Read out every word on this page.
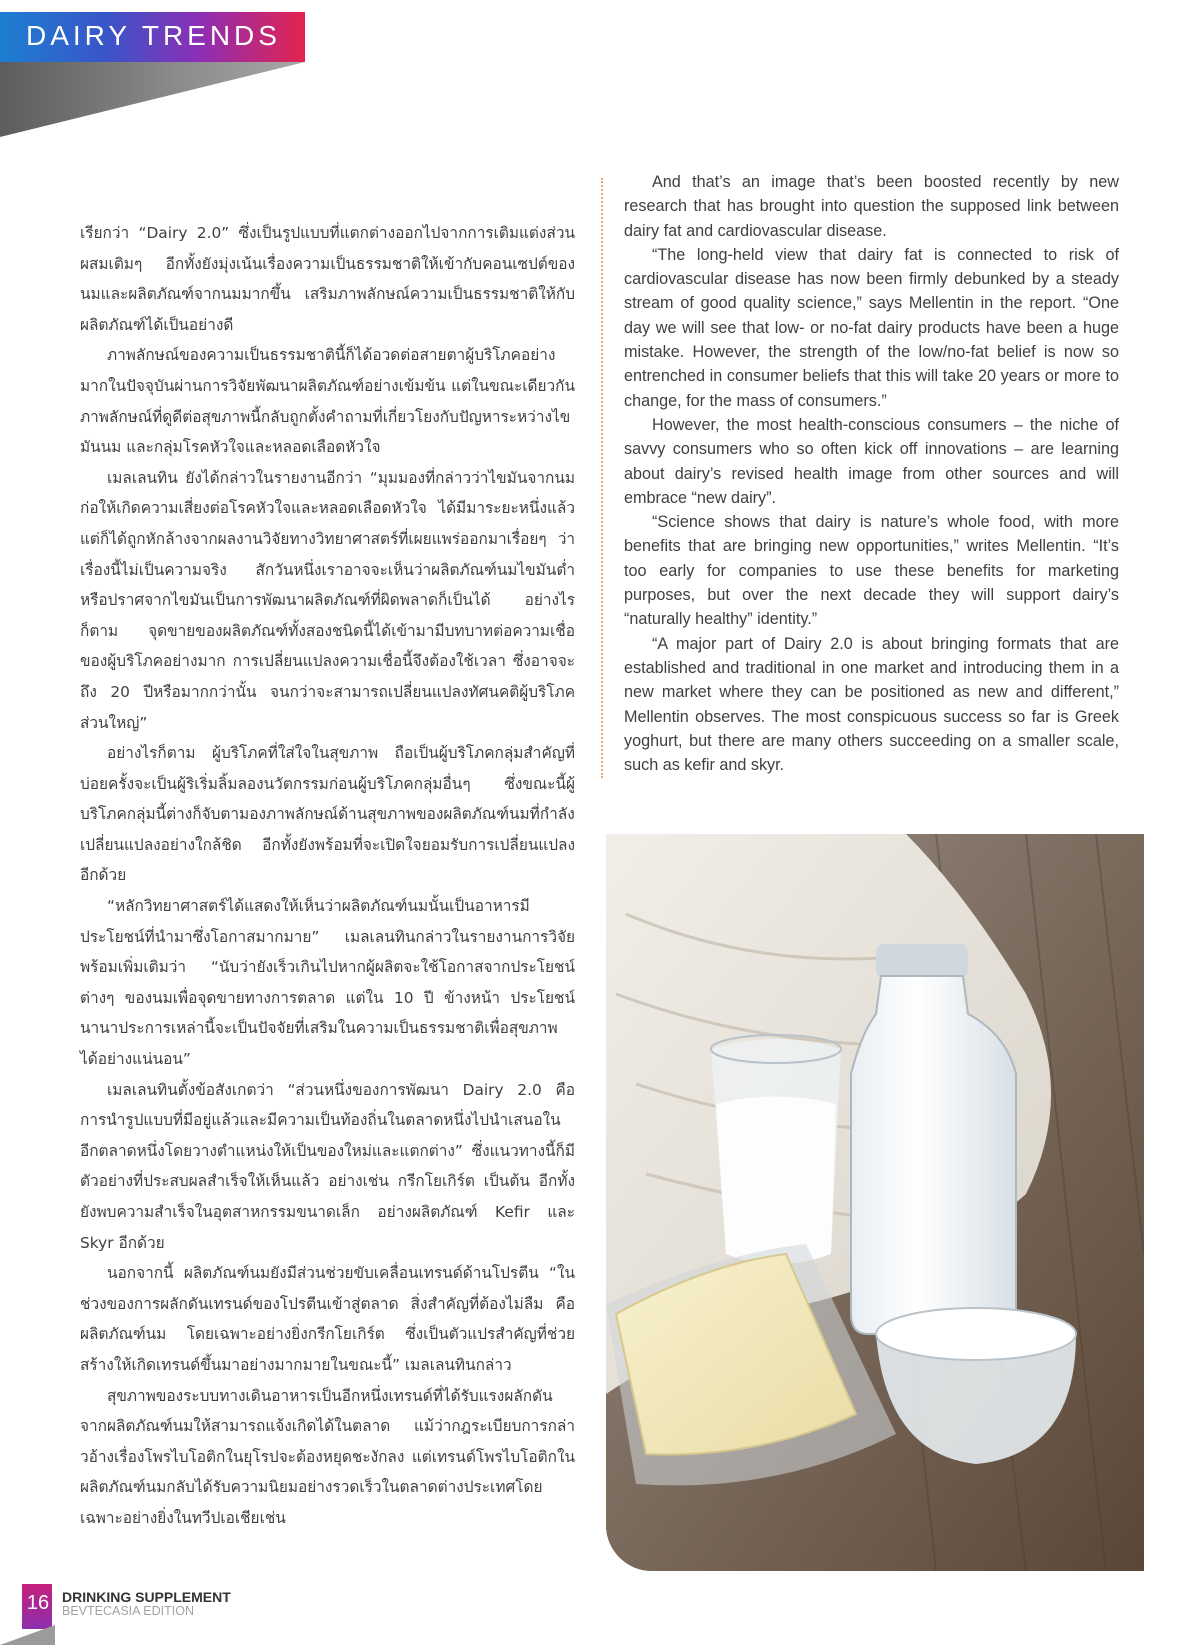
DAIRY TRENDS

เรียกว่า “Dairy 2.0” ซึ่งเป็นรูปแบบที่แตกต่างออกไปจากการเติมแต่งส่วนผสมเติมๆ อีกทั้งยังมุ่งเน้นเรื่องความเป็นธรรมชาติให้เข้ากับคอนเซปต์ของนมและผลิตภัณฑ์จากนมมากขึ้น เสริมภาพลักษณ์ความเป็นธรรมชาติให้กับผลิตภัณฑ์ได้เป็นอย่างดี

ภาพลักษณ์ของความเป็นธรรมชาตินี้ก็ได้อวดต่อสายตาผู้บริโภคอย่างมากในปัจจุบันผ่านการวิจัยพัฒนาผลิตภัณฑ์อย่างเข้มข้น แต่ในขณะเดียวกันภาพลักษณ์ที่ดูดีต่อสุขภาพนี้กลับถูกตั้งคำถามที่เกี่ยวโยงกับปัญหาระหว่างไขมันนม และกลุ่มโรคหัวใจและหลอดเลือดหัวใจ

เมลเลนทิน ยังได้กล่าวในรายงานอีกว่า “มุมมองที่กล่าวว่าไขมันจากนมก่อให้เกิดความเสี่ยงต่อโรคหัวใจและหลอดเลือดหัวใจ ได้มีมาระยะหนึ่งแล้ว แต่ก็ได้ถูกหักล้างจากผลงานวิจัยทางวิทยาศาสตร์ที่เผยแพร่ออกมาเรื่อยๆ ว่าเรื่องนี้ไม่เป็นความจริง สักวันหนึ่งเราอาจจะเห็นว่าผลิตภัณฑ์นมไขมันต่ำหรือปราศจากไขมันเป็นการพัฒนาผลิตภัณฑ์ที่ผิดพลาดก็เป็นได้ อย่างไรก็ตาม จุดขายของผลิตภัณฑ์ทั้งสองชนิดนี้ได้เข้ามามีบทบาทต่อความเชื่อของผู้บริโภคอย่างมาก การเปลี่ยนแปลงความเชื่อนี้จึงต้องใช้เวลา ซึ่งอาจจะถึง 20 ปีหรือมากกว่านั้น จนกว่าจะสามารถเปลี่ยนแปลงทัศนคติผู้บริโภคส่วนใหญ่”

อย่างไรก็ตาม ผู้บริโภคที่ใส่ใจในสุขภาพ ถือเป็นผู้บริโภคกลุ่มสำคัญที่บ่อยครั้งจะเป็นผู้ริเริ่มลิ้มลองนวัตกรรมก่อนผู้บริโภคกลุ่มอื่นๆ ซึ่งขณะนี้ผู้บริโภคกลุ่มนี้ต่างก็จับตามองภาพลักษณ์ด้านสุขภาพของผลิตภัณฑ์นมที่กำลังเปลี่ยนแปลงอย่างใกล้ชิด อีกทั้งยังพร้อมที่จะเปิดใจยอมรับการเปลี่ยนแปลงอีกด้วย

“หลักวิทยาศาสตร์ได้แสดงให้เห็นว่าผลิตภัณฑ์นมนั้นเป็นอาหารมีประโยชน์ที่นำมาซึ่งโอกาสมากมาย” เมลเลนทินกล่าวในรายงานการวิจัยพร้อมเพิ่มเติมว่า “นับว่ายังเร็วเกินไปหากผู้ผลิตจะใช้โอกาสจากประโยชน์ต่างๆ ของนมเพื่อจุดขายทางการตลาด แต่ใน 10 ปี ข้างหน้า ประโยชน์นานาประการเหล่านี้จะเป็นปัจจัยที่เสริมในความเป็นธรรมชาติเพื่อสุขภาพได้อย่างแน่นอน”

เมลเลนทินตั้งข้อสังเกตว่า “ส่วนหนึ่งของการพัฒนา Dairy 2.0 คือ การนำรูปแบบที่มีอยู่แล้วและมีความเป็นท้องถิ่นในตลาดหนึ่งไปนำเสนอในอีกตลาดหนึ่งโดยวางตำแหน่งให้เป็นของใหม่และแตกต่าง” ซึ่งแนวทางนี้ก็มีตัวอย่างที่ประสบผลสำเร็จให้เห็นแล้ว อย่างเช่น กรีกโยเกิร์ต เป็นต้น อีกทั้งยังพบความสำเร็จในอุตสาหกรรมขนาดเล็ก อย่างผลิตภัณฑ์ Kefir และ Skyr อีกด้วย

นอกจากนี้ ผลิตภัณฑ์นมยังมีส่วนช่วยขับเคลื่อนเทรนด์ด้านโปรตีน “ในช่วงของการผลักดันเทรนด์ของโปรตีนเข้าสู่ตลาด สิ่งสำคัญที่ต้องไม่ลืม คือ ผลิตภัณฑ์นม โดยเฉพาะอย่างยิ่งกรีกโยเกิร์ต ซึ่งเป็นตัวแปรสำคัญที่ช่วยสร้างให้เกิดเทรนด์ขึ้นมาอย่างมากมายในขณะนี้” เมลเลนทินกล่าว

สุขภาพของระบบทางเดินอาหารเป็นอีกหนึ่งเทรนด์ที่ได้รับแรงผลักดันจากผลิตภัณฑ์นมให้สามารถแจ้งเกิดได้ในตลาด แม้ว่ากฎระเบียบการกล่าวอ้างเรื่องโพรไบโอติกในยุโรปจะต้องหยุดชะงักลง แต่เทรนด์โพรไบโอติกในผลิตภัณฑ์นมกลับได้รับความนิยมอย่างรวดเร็วในตลาดต่างประเทศโดยเฉพาะอย่างยิ่งในทวีปเอเชียเช่น

And that’s an image that’s been boosted recently by new research that has brought into question the supposed link between dairy fat and cardiovascular disease.

“The long-held view that dairy fat is connected to risk of cardiovascular disease has now been firmly debunked by a steady stream of good quality science,” says Mellentin in the report. “One day we will see that low- or no-fat dairy products have been a huge mistake. However, the strength of the low/no-fat belief is now so entrenched in consumer beliefs that this will take 20 years or more to change, for the mass of consumers.”

However, the most health-conscious consumers – the niche of savvy consumers who so often kick off innovations – are learning about dairy’s revised health image from other sources and will embrace “new dairy”.

“Science shows that dairy is nature’s whole food, with more benefits that are bringing new opportunities,” writes Mellentin. “It’s too early for companies to use these benefits for marketing purposes, but over the next decade they will support dairy’s “naturally healthy” identity.”

“A major part of Dairy 2.0 is about bringing formats that are established and traditional in one market and introducing them in a new market where they can be positioned as new and different,” Mellentin observes. The most conspicuous success so far is Greek yoghurt, but there are many others succeeding on a smaller scale, such as kefir and skyr.

16 DRINKING SUPPLEMENT
BEVTECASIA EDITION
